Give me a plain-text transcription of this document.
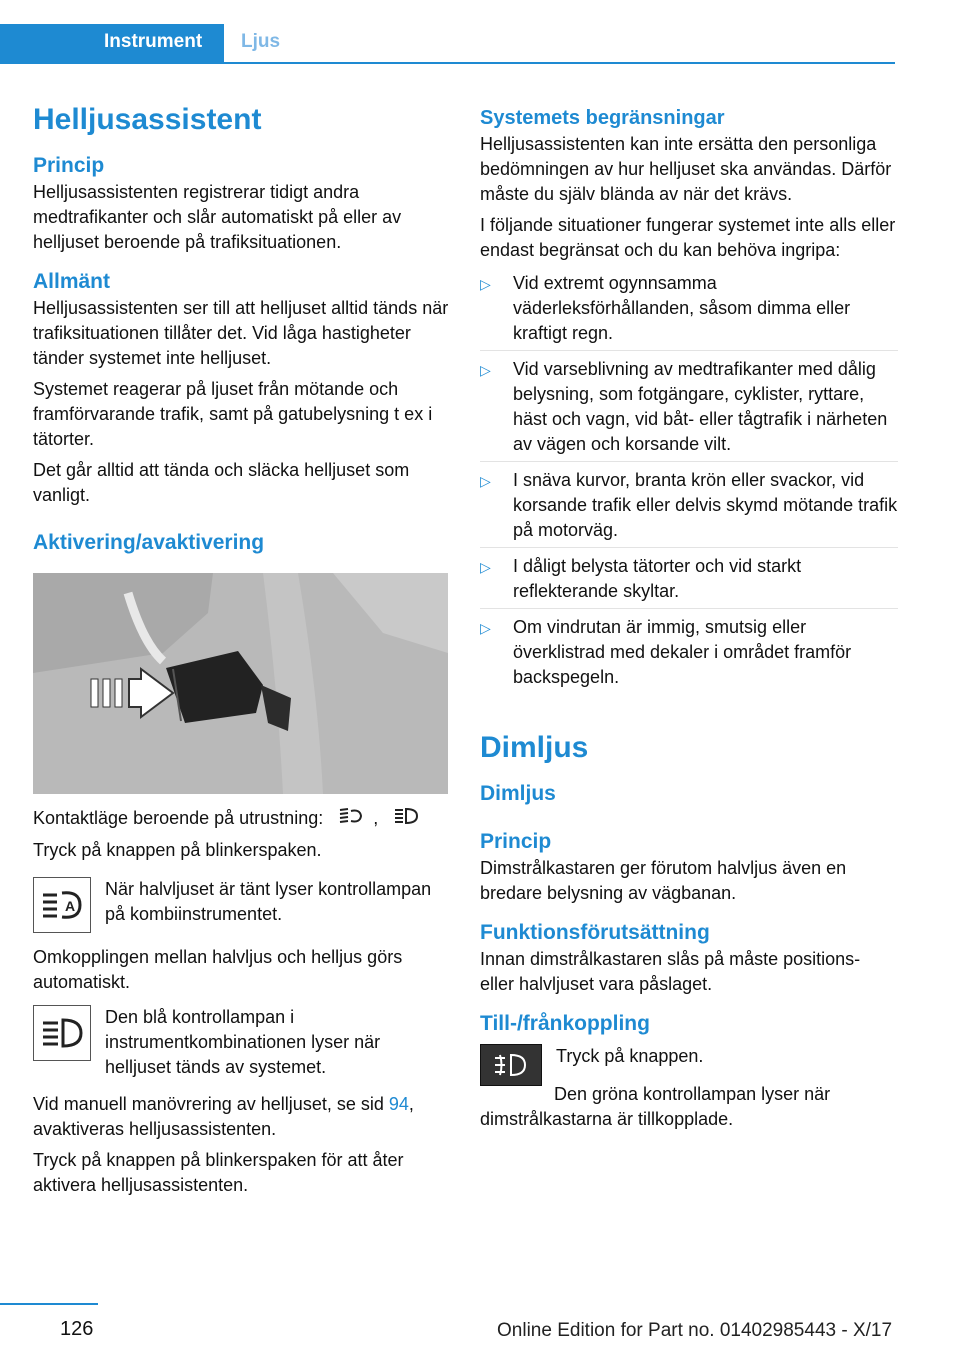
Instrument Ljus
Helljusassistent
Princip

Helljusassistenten registrerar tidigt andra medtrafikanter och slår automatiskt på eller av helljuset beroende på trafiksituationen.

Allmänt

Helljusassistenten ser till att helljuset alltid tänds när trafiksituationen tillåter det. Vid låga hastigheter tänder systemet inte helljuset.

Systemet reagerar på ljuset från mötande och framförvarande trafik, samt på gatubelysning t ex i tätorter.

Det går alltid att tända och släcka helljuset som vanligt.

Aktivering/avaktivering

Kontaktläge beroende på utrustning:	,

Tryck på knappen på blinkerspaken.

A

När halvljuset är tänt lyser kontrollampan på kombiinstrumentet.

Omkopplingen mellan halvljus och helljus görs automatiskt.

Den blå kontrollampan i instrumentkombinationen lyser när helljuset tänds av systemet.

Vid manuell manövrering av helljuset, se sid 94, avaktiveras helljusassistenten.

Tryck på knappen på blinkerspaken för att åter aktivera helljusassistenten.

Systemets begränsningar

Helljusassistenten kan inte ersätta den personliga bedömningen av hur helljuset ska användas. Därför måste du själv blända av när det krävs.

I följande situationer fungerar systemet inte alls eller endast begränsat och du kan behöva ingripa:

▷	Vid extremt ogynnsamma väderleksförhållanden, såsom dimma eller kraftigt regn.
▷	Vid varseblivning av medtrafikanter med dålig belysning, som fotgängare, cyklister, ryttare, häst och vagn, vid båt- eller tågtrafik i närheten av vägen och korsande vilt.
▷	I snäva kurvor, branta krön eller svackor, vid korsande trafik eller delvis skymd mötande trafik på motorväg.
▷	I dåligt belysta tätorter och vid starkt reflekterande skyltar.
▷	Om vindrutan är immig, smutsig eller överklistrad med dekaler i området framför backspegeln.
Dimljus
Dimljus
Princip

Dimstrålkastaren ger förutom halvljus även en bredare belysning av vägbanan.

Funktionsförutsättning

Innan dimstrålkastaren slås på måste positions- eller halvljuset vara påslaget.

Till-/frånkoppling

Tryck på knappen.

Den gröna kontrollampan lyser när dimstrålkastarna är tillkopplade.

126	Online Edition for Part no. 01402985443 - X/17
